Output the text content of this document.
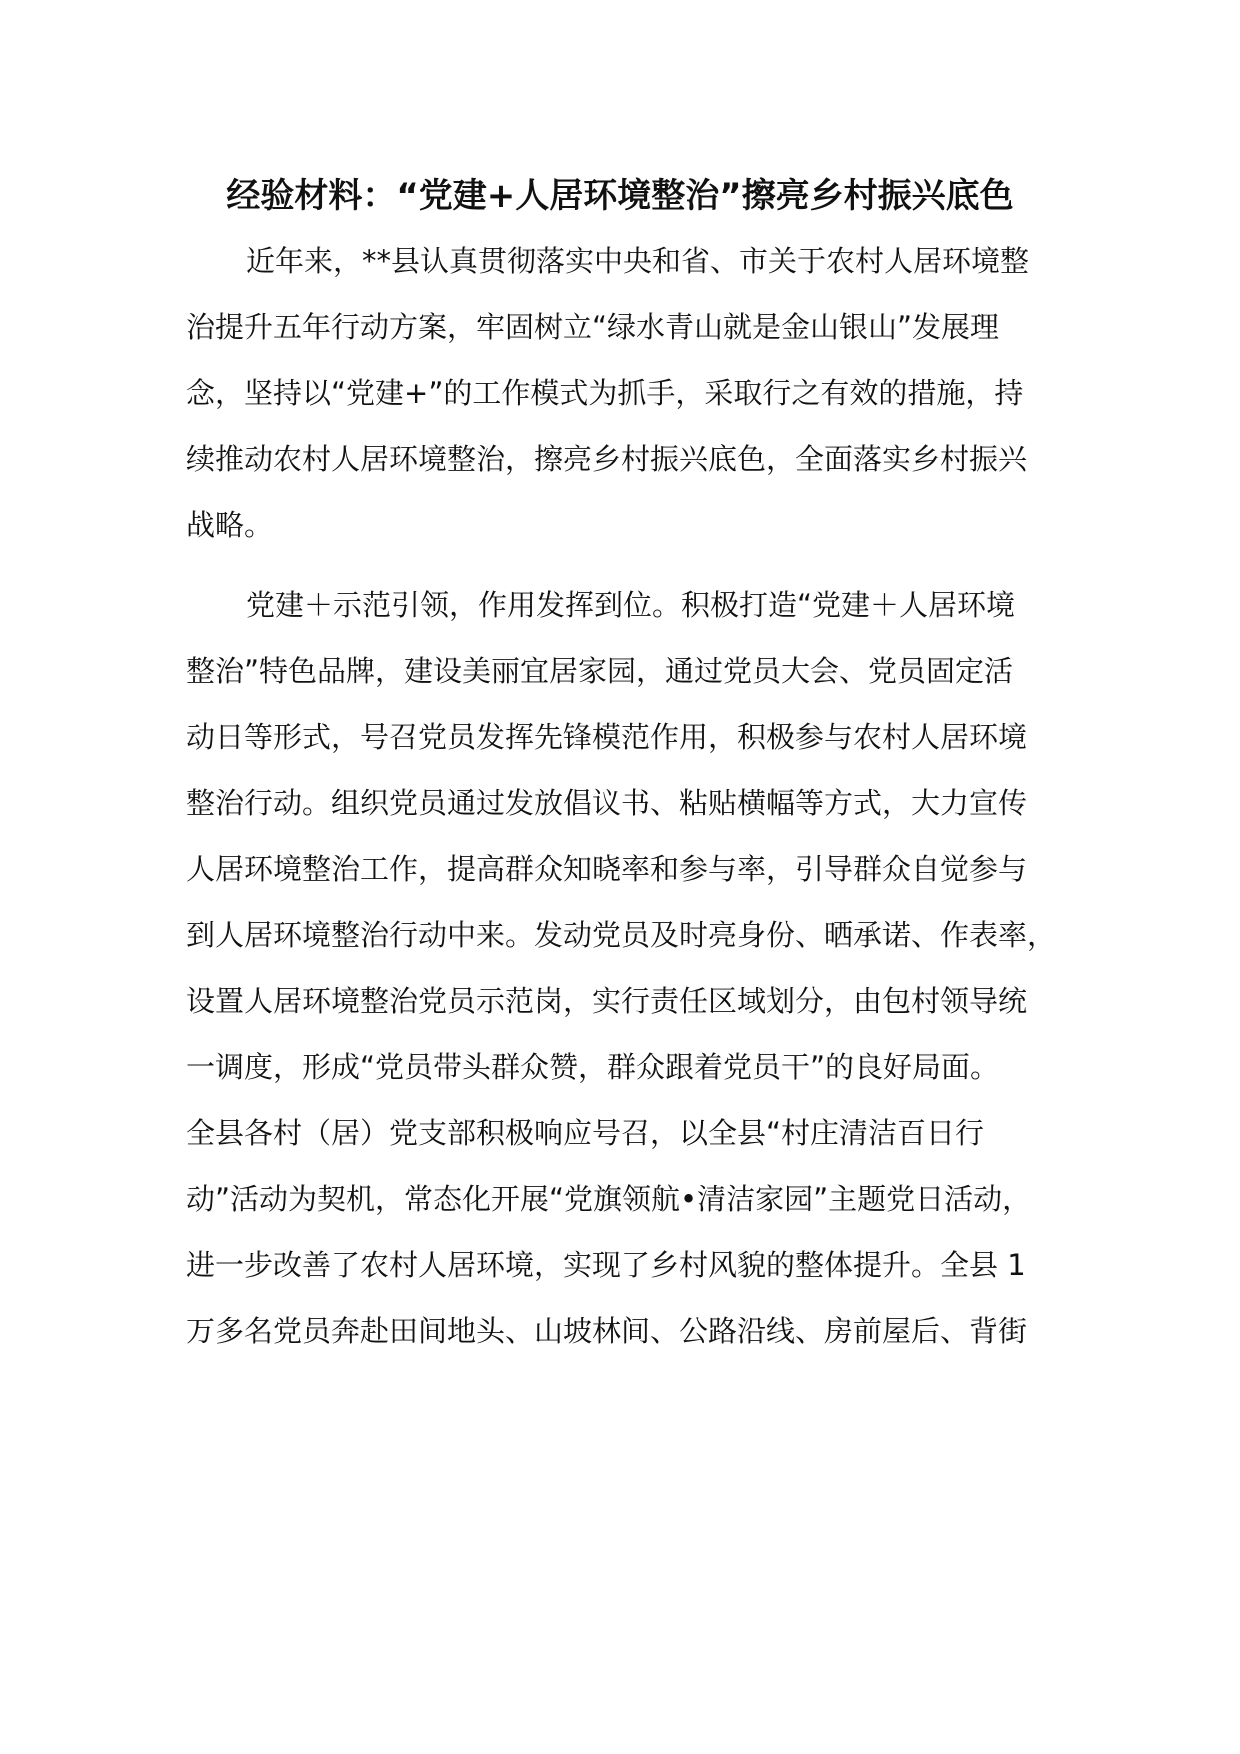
经验材料：“党建+人居环境整治”擦亮乡村振兴底色

近年来，**县认真贯彻落实中央和省、市关于农村人居环境整

治提升五年行动方案，牢固树立“绿水青山就是金山银山”发展理

念，坚持以“党建+”的工作模式为抓手，采取行之有效的措施，持

续推动农村人居环境整治，擦亮乡村振兴底色，全面落实乡村振兴

战略。

党建＋示范引领，作用发挥到位。积极打造“党建＋人居环境

整治”特色品牌，建设美丽宜居家园，通过党员大会、党员固定活

动日等形式，号召党员发挥先锋模范作用，积极参与农村人居环境

整治行动。组织党员通过发放倡议书、粘贴横幅等方式，大力宣传

人居环境整治工作，提高群众知晓率和参与率，引导群众自觉参与

到人居环境整治行动中来。发动党员及时亮身份、晒承诺、作表率，

设置人居环境整治党员示范岗，实行责任区域划分，由包村领导统

一调度，形成“党员带头群众赞，群众跟着党员干”的良好局面。

全县各村（居）党支部积极响应号召，以全县“村庄清洁百日行

动”活动为契机，常态化开展“党旗领航•清洁家园”主题党日活动，

进一步改善了农村人居环境，实现了乡村风貌的整体提升。全县 1

万多名党员奔赴田间地头、山坡林间、公路沿线、房前屋后、背街
